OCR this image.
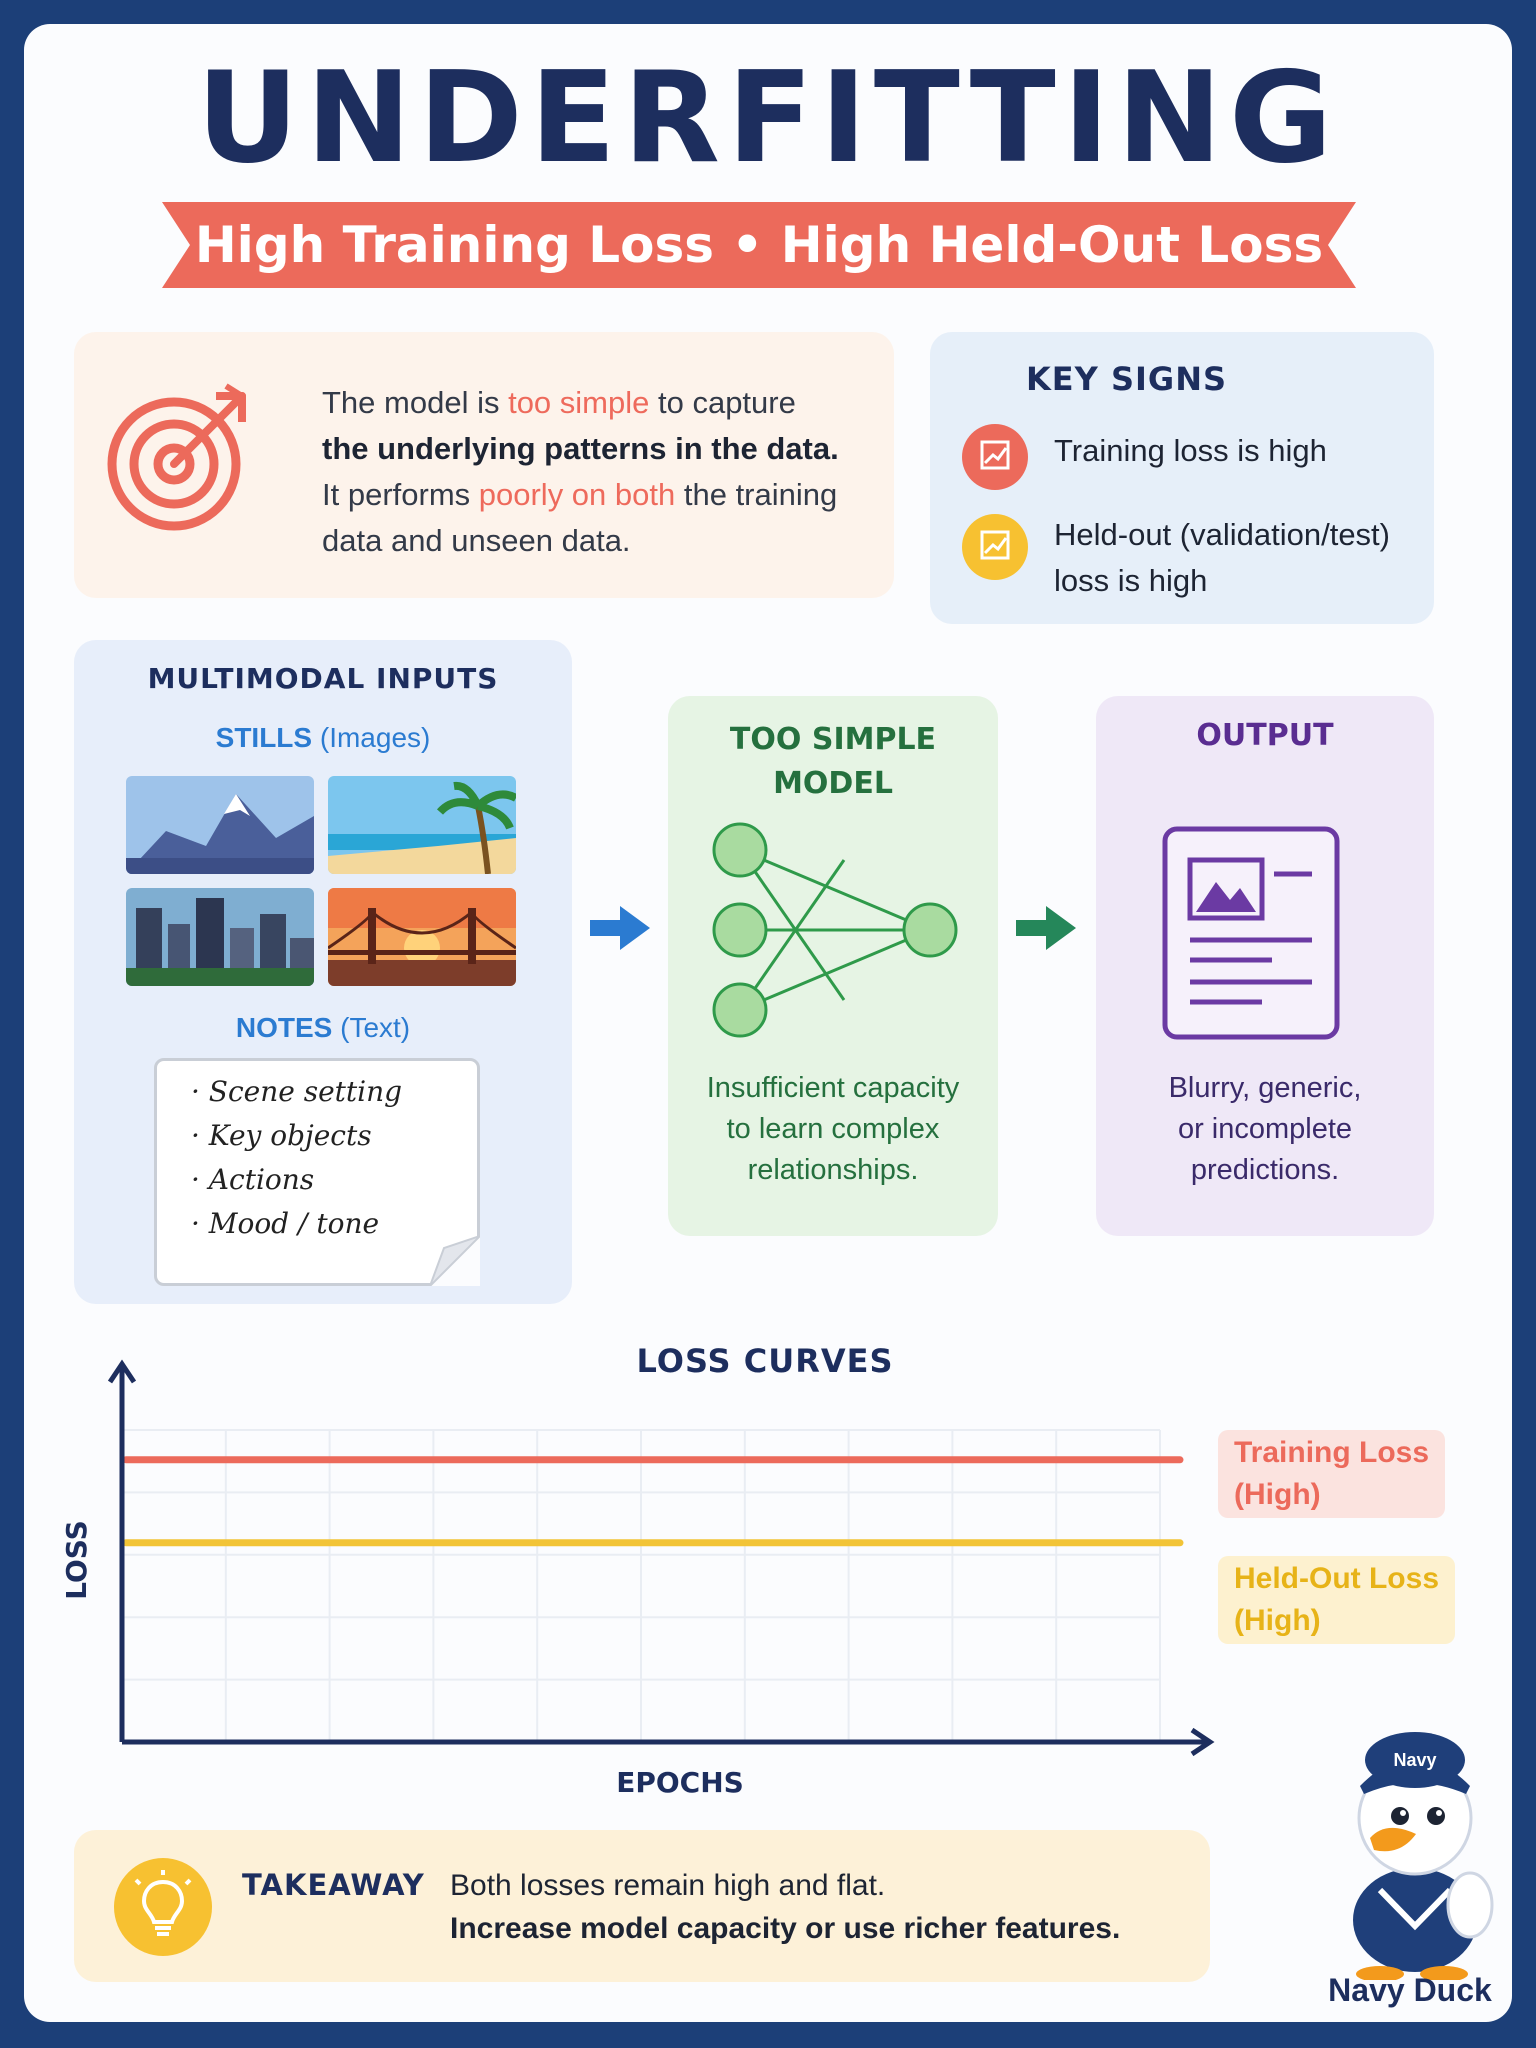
UNDERFITTING
High Training Loss • High Held-Out Loss
The model is too simple to capture
the underlying patterns in the data.
It performs poorly on both the training
data and unseen data.
KEY SIGNS
Training loss is high
Held-out (validation/test) loss is high
MULTIMODAL INPUTS
STILLS (Images)
NOTES (Text)
· Scene setting
· Key objects
· Actions
· Mood / tone
TOO SIMPLE
MODEL
Insufficient capacity
to learn complex
relationships.
OUTPUT
Blurry, generic,
or incomplete
predictions.
LOSS CURVES
LOSS
EPOCHS
Training Loss
(High)
Held-Out Loss
(High)
TAKEAWAY Both losses remain high and flat.
Increase model capacity or use richer features.
Navy
Navy Duck
